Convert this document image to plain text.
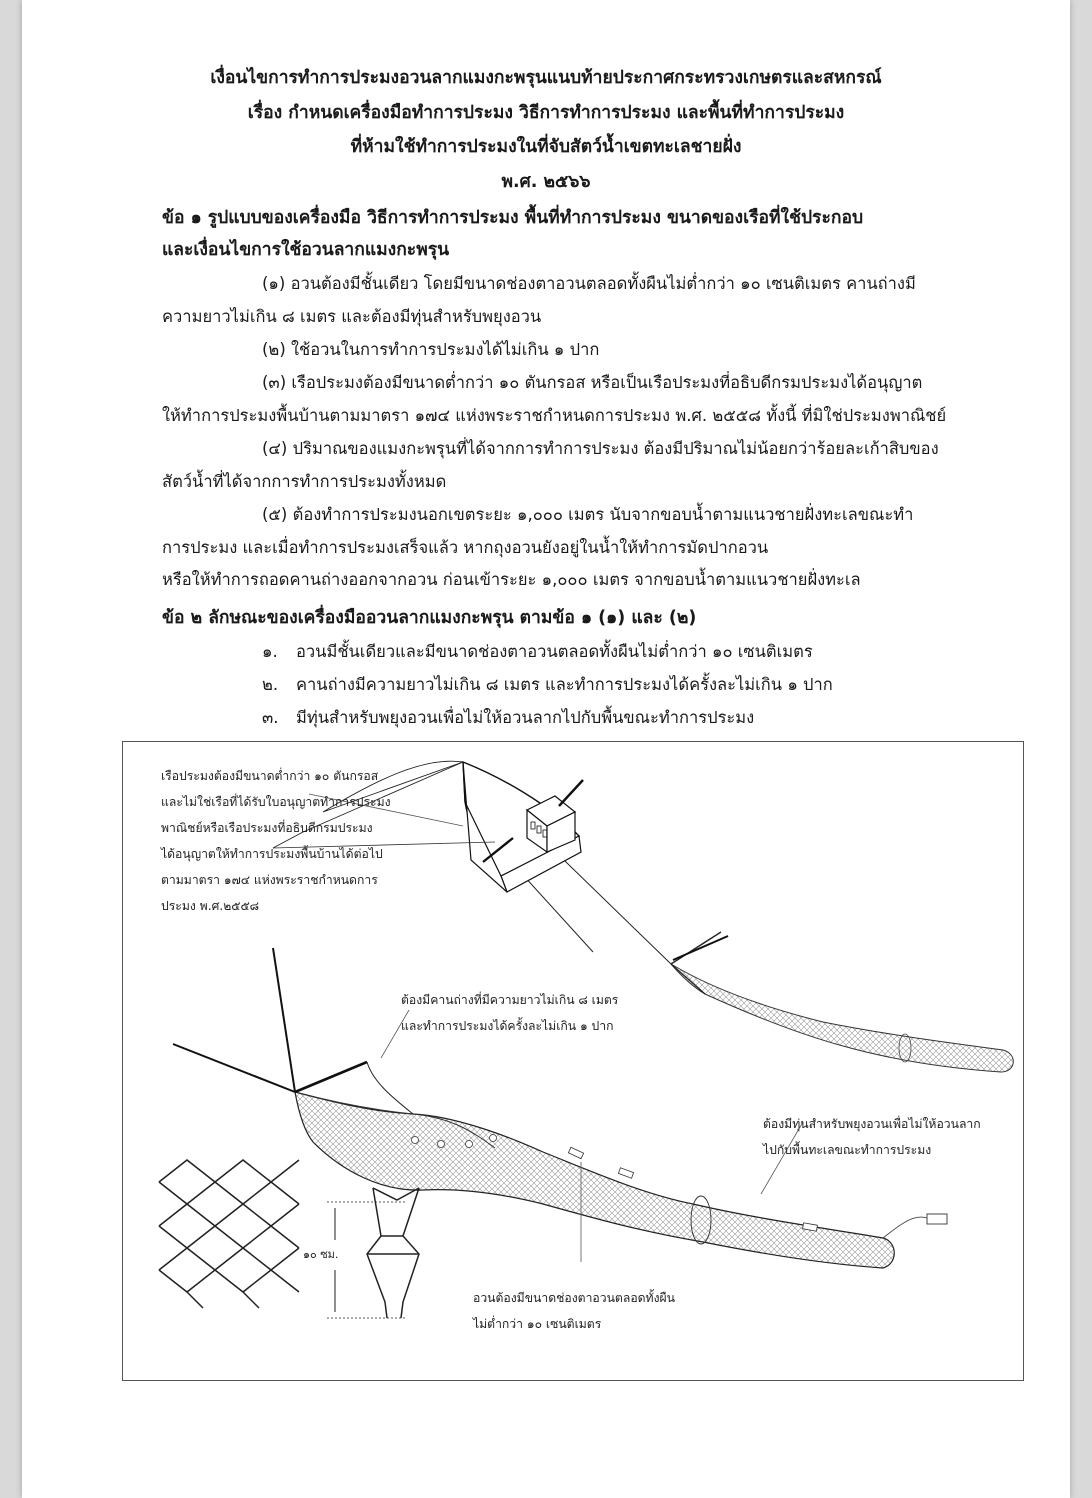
เงื่อนไขการทำการประมงอวนลากแมงกะพรุนแนบท้ายประกาศกระทรวงเกษตรและสหกรณ์

เรื่อง กำหนดเครื่องมือทำการประมง วิธีการทำการประมง และพื้นที่ทำการประมง

ที่ห้ามใช้ทำการประมงในที่จับสัตว์น้ำเขตทะเลชายฝั่ง

พ.ศ. ๒๕๖๖

ข้อ ๑ รูปแบบของเครื่องมือ วิธีการทำการประมง พื้นที่ทำการประมง ขนาดของเรือที่ใช้ประกอบ

และเงื่อนไขการใช้อวนลากแมงกะพรุน

(๑) อวนต้องมีชั้นเดียว โดยมีขนาดช่องตาอวนตลอดทั้งผืนไม่ต่ำกว่า ๑๐ เซนติเมตร คานถ่างมี

ความยาวไม่เกิน ๘ เมตร และต้องมีทุ่นสำหรับพยุงอวน

(๒) ใช้อวนในการทำการประมงได้ไม่เกิน ๑ ปาก

(๓) เรือประมงต้องมีขนาดต่ำกว่า ๑๐ ตันกรอส หรือเป็นเรือประมงที่อธิบดีกรมประมงได้อนุญาต

ให้ทำการประมงพื้นบ้านตามมาตรา ๑๗๔ แห่งพระราชกำหนดการประมง พ.ศ. ๒๕๕๘ ทั้งนี้ ที่มิใช่ประมงพาณิชย์

(๔) ปริมาณของแมงกะพรุนที่ได้จากการทำการประมง ต้องมีปริมาณไม่น้อยกว่าร้อยละเก้าสิบของ

สัตว์น้ำที่ได้จากการทำการประมงทั้งหมด

(๕) ต้องทำการประมงนอกเขตระยะ ๑,๐๐๐ เมตร นับจากขอบน้ำตามแนวชายฝั่งทะเลขณะทำ

การประมง และเมื่อทำการประมงเสร็จแล้ว หากถุงอวนยังอยู่ในน้ำให้ทำการมัดปากอวน

หรือให้ทำการถอดคานถ่างออกจากอวน ก่อนเข้าระยะ ๑,๐๐๐ เมตร จากขอบน้ำตามแนวชายฝั่งทะเล

ข้อ ๒ ลักษณะของเครื่องมืออวนลากแมงกะพรุน ตามข้อ ๑ (๑) และ (๒)

๑. อวนมีชั้นเดียวและมีขนาดช่องตาอวนตลอดทั้งผืนไม่ต่ำกว่า ๑๐ เซนติเมตร

๒. คานถ่างมีความยาวไม่เกิน ๘ เมตร และทำการประมงได้ครั้งละไม่เกิน ๑ ปาก

๓. มีทุ่นสำหรับพยุงอวนเพื่อไม่ให้อวนลากไปกับพื้นขณะทำการประมง

เรือประมงต้องมีขนาดต่ำกว่า ๑๐ ตันกรอส

และไม่ใช่เรือที่ได้รับใบอนุญาตทำการประมง

พาณิชย์หรือเรือประมงที่อธิบดีกรมประมง

ได้อนุญาตให้ทำการประมงพื้นบ้านได้ต่อไป

ตามมาตรา ๑๗๔ แห่งพระราชกำหนดการ

ประมง พ.ศ.๒๕๕๘

ต้องมีคานถ่างที่มีความยาวไม่เกิน ๘ เมตร

และทำการประมงได้ครั้งละไม่เกิน ๑ ปาก

ต้องมีทุ่นสำหรับพยุงอวนเพื่อไม่ให้อวนลาก

ไปกับพื้นทะเลขณะทำการประมง

อวนต้องมีขนาดช่องตาอวนตลอดทั้งผืน

ไม่ต่ำกว่า ๑๐ เซนติเมตร

๑๐ ซม.
